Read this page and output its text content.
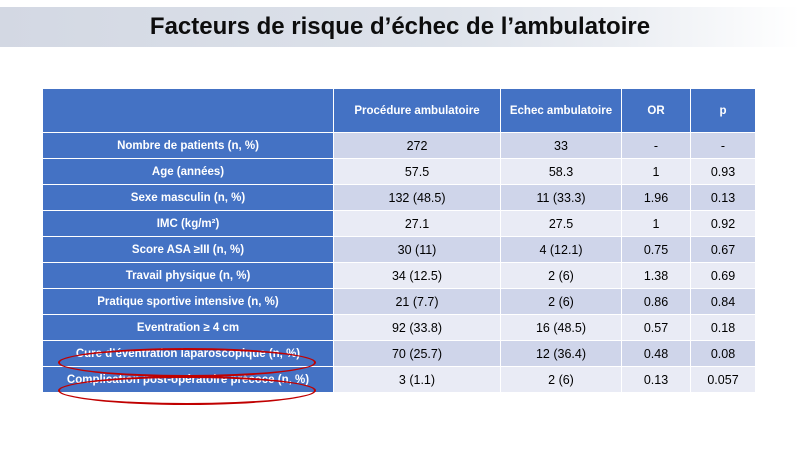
Facteurs de risque d’échec de l’ambulatoire
	Procédure ambulatoire	Echec ambulatoire	OR	p
Nombre de patients (n, %)	272	33	-	-
Age (années)	57.5	58.3	1	0.93
Sexe masculin (n, %)	132 (48.5)	11 (33.3)	1.96	0.13
IMC (kg/m²)	27.1	27.5	1	0.92
Score ASA ≥III (n, %)	30 (11)	4 (12.1)	0.75	0.67
Travail physique (n, %)	34 (12.5)	2 (6)	1.38	0.69
Pratique sportive intensive (n, %)	21 (7.7)	2 (6)	0.86	0.84
Eventration ≥ 4 cm	92 (33.8)	16 (48.5)	0.57	0.18
Cure d’éventration laparoscopique (n, %)	70 (25.7)	12 (36.4)	0.48	0.08
Complication post-opératoire précoce (n, %)	3 (1.1)	2 (6)	0.13	0.057
